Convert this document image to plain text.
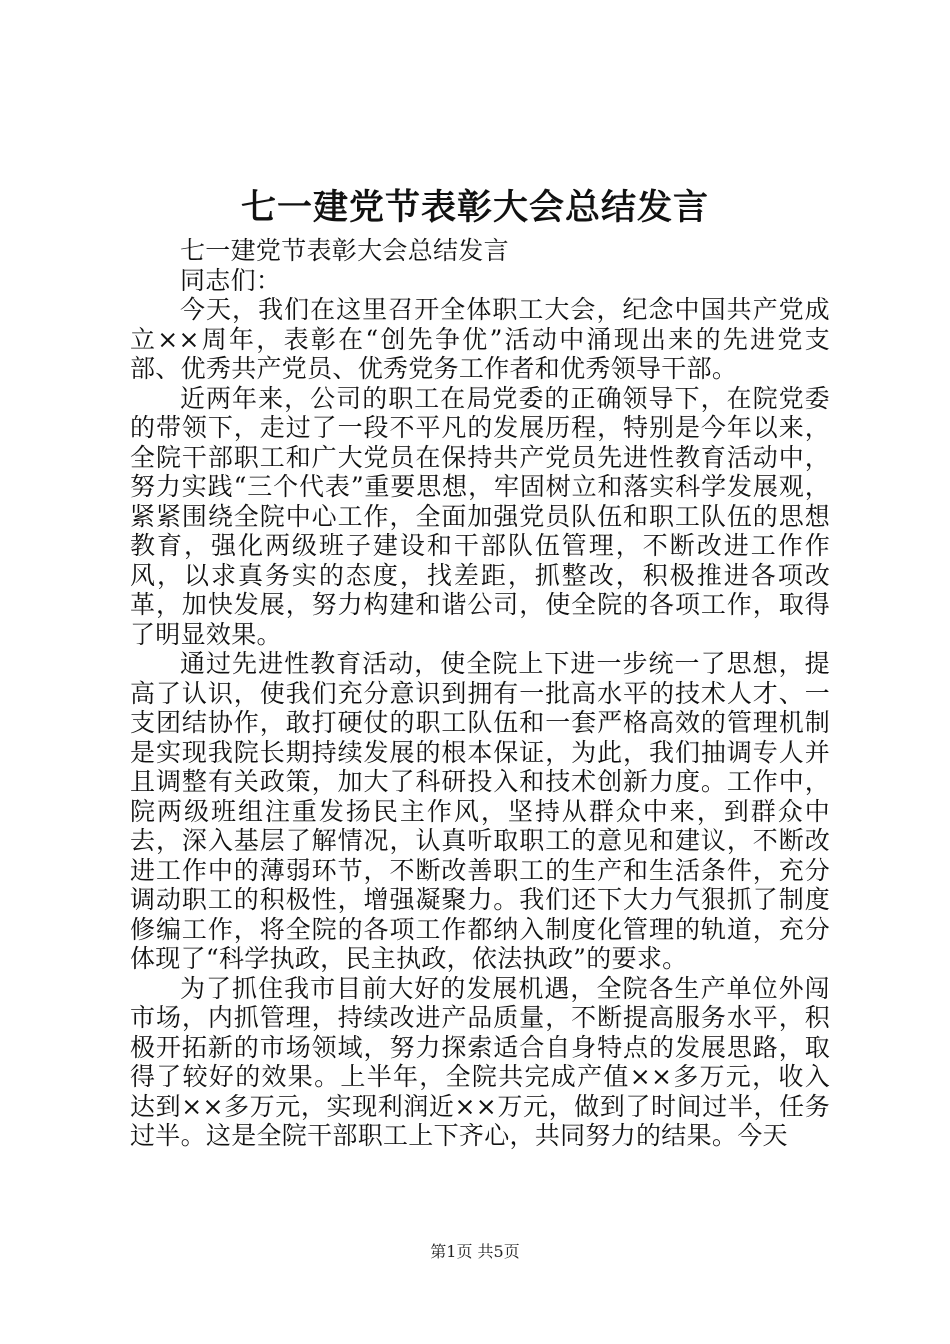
七一建党节表彰大会总结发言

七一建党节表彰大会总结发言

同志们：

今天，我们在这里召开全体职工大会，纪念中国共产党成立××周年，表彰在“创先争优”活动中涌现出来的先进党支部、优秀共产党员、优秀党务工作者和优秀领导干部。

近两年来，公司的职工在局党委的正确领导下，在院党委的带领下，走过了一段不平凡的发展历程，特别是今年以来，全院干部职工和广大党员在保持共产党员先进性教育活动中，努力实践“三个代表”重要思想，牢固树立和落实科学发展观，紧紧围绕全院中心工作，全面加强党员队伍和职工队伍的思想教育，强化两级班子建设和干部队伍管理，不断改进工作作风，以求真务实的态度，找差距，抓整改，积极推进各项改革，加快发展，努力构建和谐公司，使全院的各项工作，取得了明显效果。

通过先进性教育活动，使全院上下进一步统一了思想，提高了认识，使我们充分意识到拥有一批高水平的技术人才、一支团结协作，敢打硬仗的职工队伍和一套严格高效的管理机制是实现我院长期持续发展的根本保证，为此，我们抽调专人并且调整有关政策，加大了科研投入和技术创新力度。工作中，院两级班组注重发扬民主作风，坚持从群众中来，到群众中去，深入基层了解情况，认真听取职工的意见和建议，不断改进工作中的薄弱环节，不断改善职工的生产和生活条件，充分调动职工的积极性，增强凝聚力。我们还下大力气狠抓了制度修编工作，将全院的各项工作都纳入制度化管理的轨道，充分体现了“科学执政，民主执政，依法执政”的要求。

为了抓住我市目前大好的发展机遇，全院各生产单位外闯市场，内抓管理，持续改进产品质量，不断提高服务水平，积极开拓新的市场领域，努力探索适合自身特点的发展思路，取得了较好的效果。上半年，全院共完成产值××多万元，收入达到××多万元，实现利润近××万元，做到了时间过半，任务过半。这是全院干部职工上下齐心，共同努力的结果。今天

第1页 共5页
